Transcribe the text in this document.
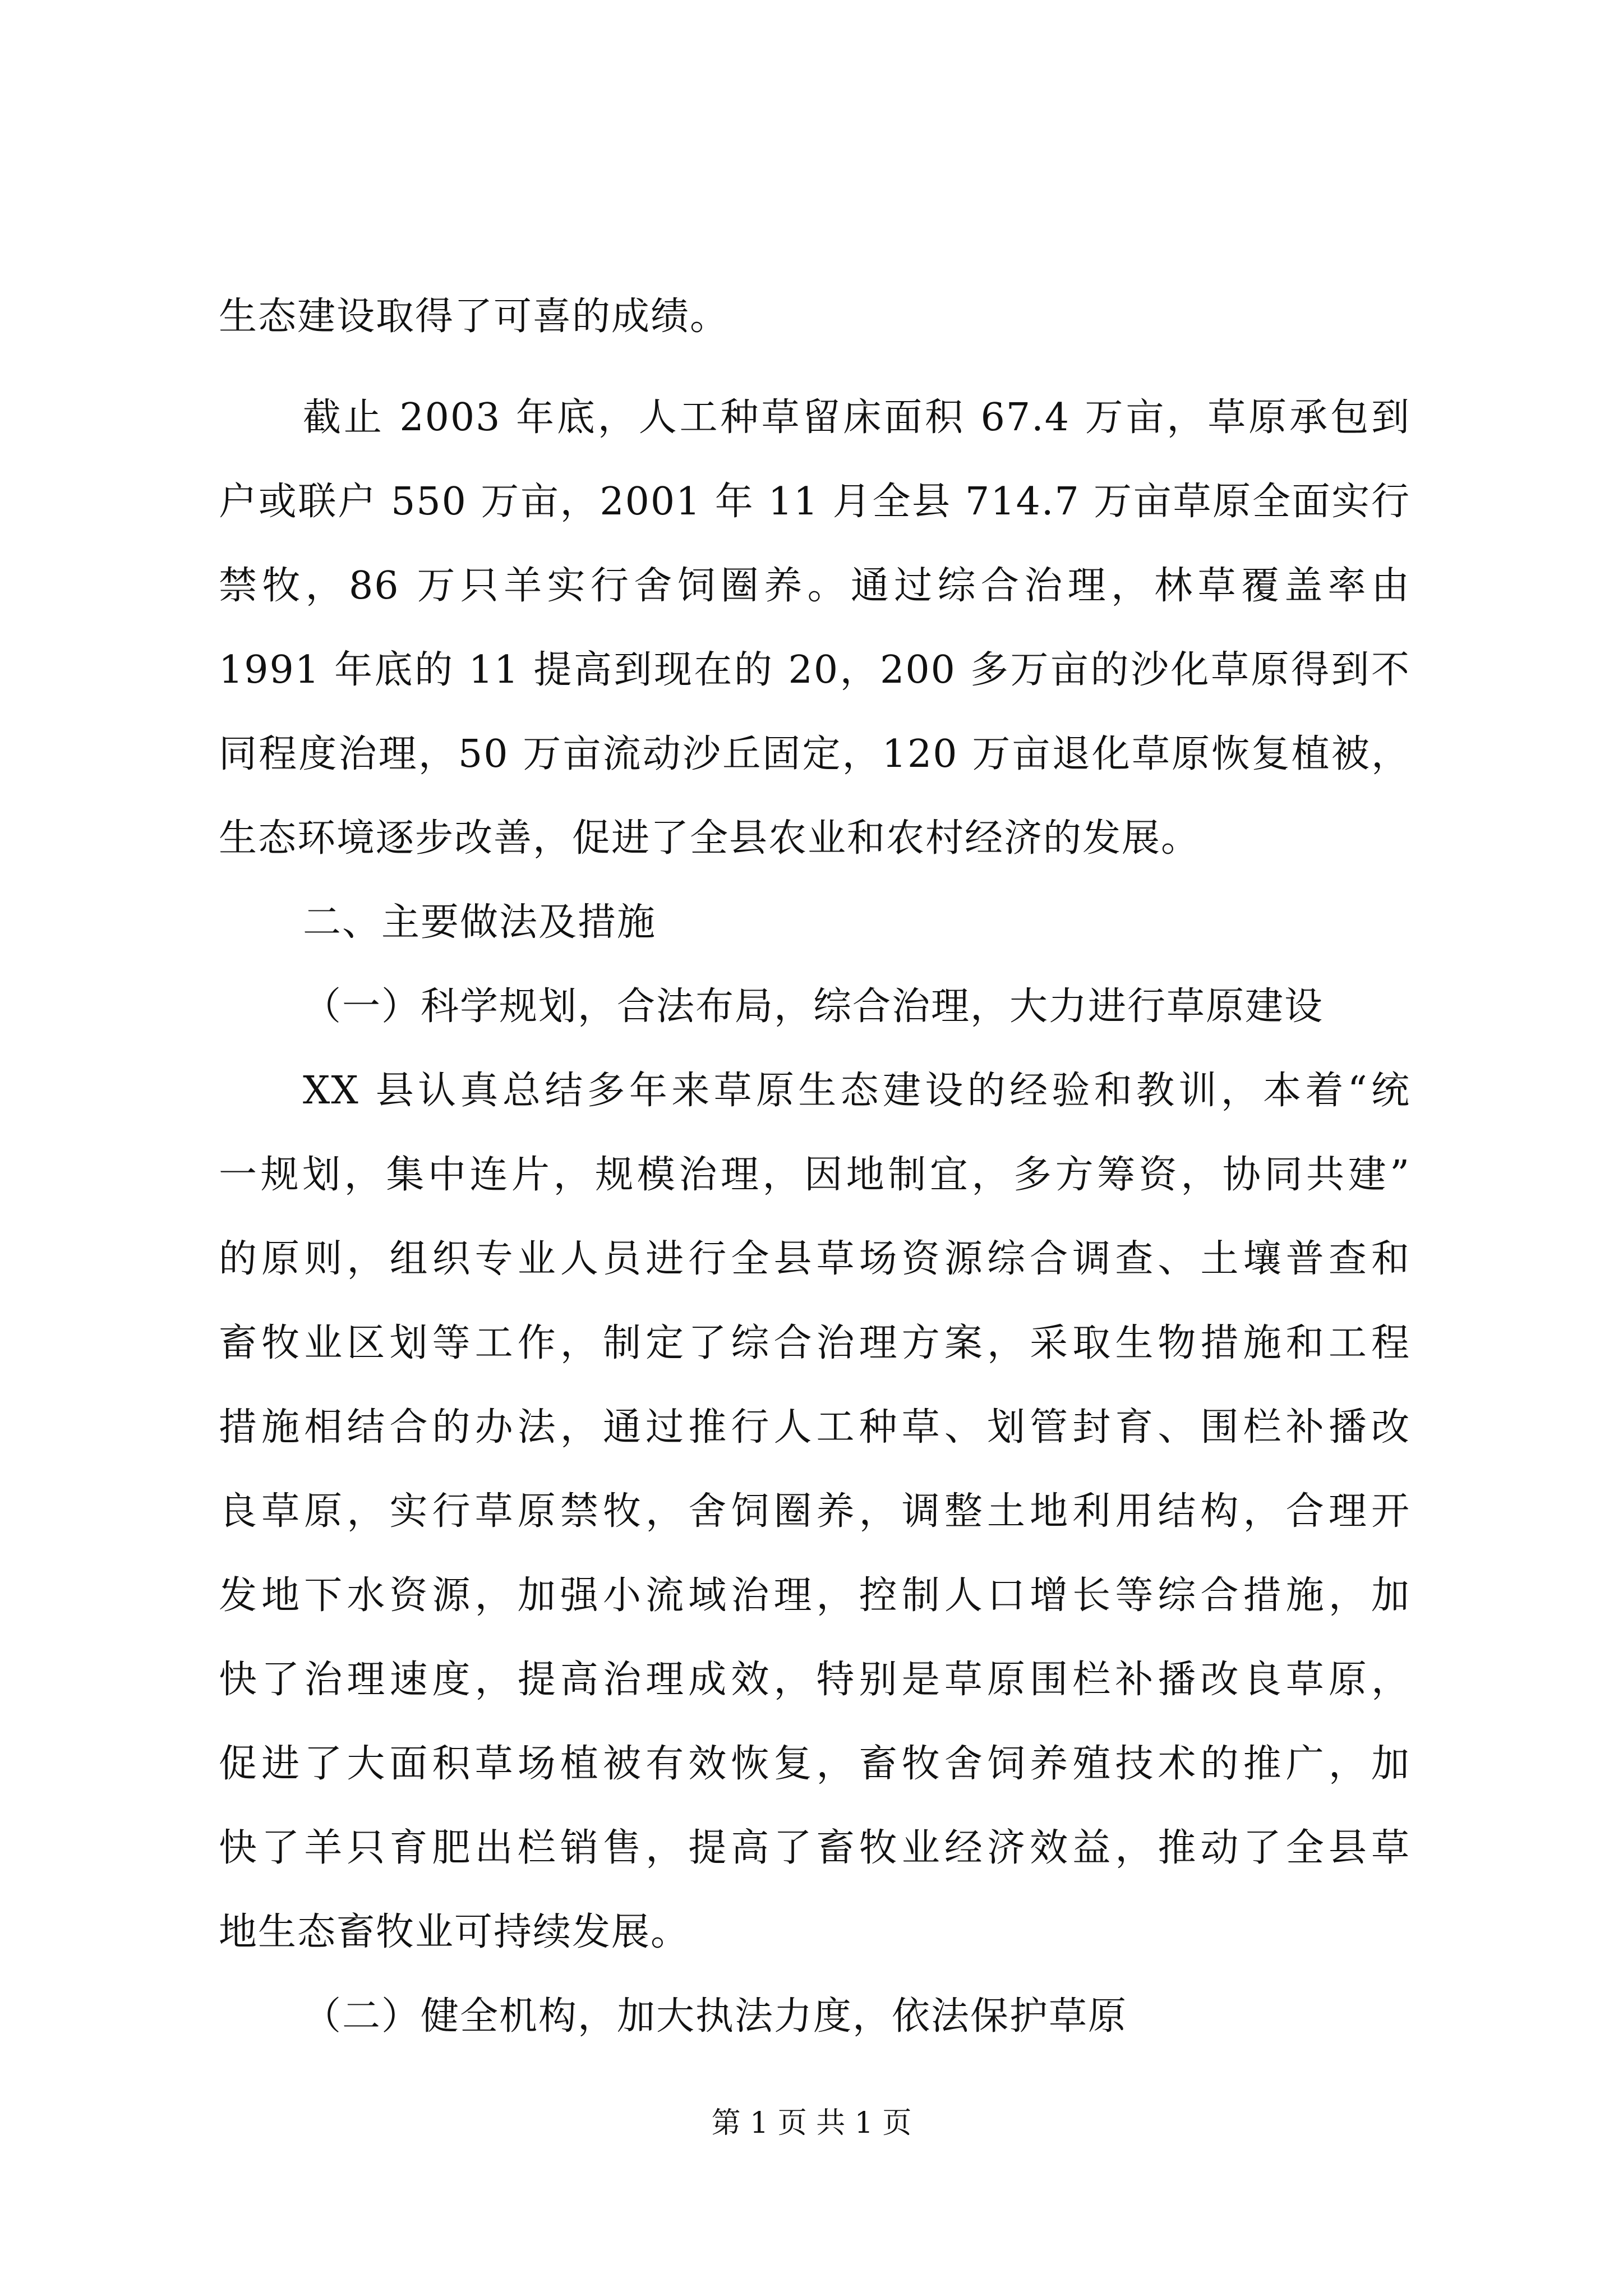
生态建设取得了可喜的成绩。
截止 2003 年底，人工种草留床面积 67.4 万亩，草原承包到
户或联户 550 万亩，2001 年 11 月全县 714.7 万亩草原全面实行
禁牧，86 万只羊实行舍饲圈养。通过综合治理，林草覆盖率由
1991 年底的 11 提高到现在的 20，200 多万亩的沙化草原得到不
同程度治理，50 万亩流动沙丘固定，120 万亩退化草原恢复植被，
生态环境逐步改善，促进了全县农业和农村经济的发展。
二、主要做法及措施
（一）科学规划，合法布局，综合治理，大力进行草原建设
XX 县认真总结多年来草原生态建设的经验和教训，本着“统
一规划，集中连片，规模治理，因地制宜，多方筹资，协同共建”
的原则，组织专业人员进行全县草场资源综合调查、土壤普查和
畜牧业区划等工作，制定了综合治理方案，采取生物措施和工程
措施相结合的办法，通过推行人工种草、划管封育、围栏补播改
良草原，实行草原禁牧，舍饲圈养，调整土地利用结构，合理开
发地下水资源，加强小流域治理，控制人口增长等综合措施，加
快了治理速度，提高治理成效，特别是草原围栏补播改良草原，
促进了大面积草场植被有效恢复，畜牧舍饲养殖技术的推广，加
快了羊只育肥出栏销售，提高了畜牧业经济效益，推动了全县草
地生态畜牧业可持续发展。
（二）健全机构，加大执法力度，依法保护草原
第 1 页 共 1 页
